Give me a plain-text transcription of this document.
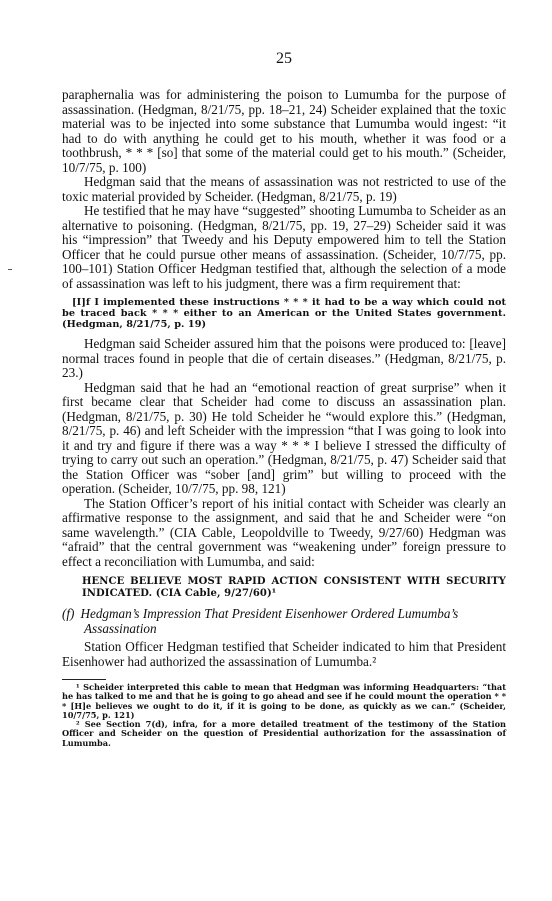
25

paraphernalia was for administering the poison to Lumumba for the purpose of assassination. (Hedgman, 8/21/75, pp. 18–21, 24) Scheider explained that the toxic material was to be injected into some substance that Lumumba would ingest: “it had to do with anything he could get to his mouth, whether it was food or a toothbrush, * * * [so] that some of the material could get to his mouth.” (Scheider, 10/7/75, p. 100)

Hedgman said that the means of assassination was not restricted to use of the toxic material provided by Scheider. (Hedgman, 8/21/75, p. 19)

He testified that he may have “suggested” shooting Lumumba to Scheider as an alternative to poisoning. (Hedgman, 8/21/75, pp. 19, 27–29) Scheider said it was his “impression” that Tweedy and his Deputy empowered him to tell the Station Officer that he could pursue other means of assassination. (Scheider, 10/7/75, pp. 100–101) Station Officer Hedgman testified that, although the selection of a mode of assassination was left to his judgment, there was a firm requirement that:

[I]f I implemented these instructions * * * it had to be a way which could not be traced back * * * either to an American or the United States government. (Hedgman, 8/21/75, p. 19)

Hedgman said Scheider assured him that the poisons were produced to: [leave] normal traces found in people that die of certain diseases.” (Hedgman, 8/21/75, p. 23.)

Hedgman said that he had an “emotional reaction of great surprise” when it first became clear that Scheider had come to discuss an assassination plan. (Hedgman, 8/21/75, p. 30) He told Scheider he “would explore this.” (Hedgman, 8/21/75, p. 46) and left Scheider with the impression “that I was going to look into it and try and figure if there was a way * * * I believe I stressed the difficulty of trying to carry out such an operation.” (Hedgman, 8/21/75, p. 47) Scheider said that the Station Officer was “sober [and] grim” but willing to proceed with the operation. (Scheider, 10/7/75, pp. 98, 121)

The Station Officer’s report of his initial contact with Scheider was clearly an affirmative response to the assignment, and said that he and Scheider were “on same wavelength.” (CIA Cable, Leopoldville to Tweedy, 9/27/60) Hedgman was “afraid” that the central government was “weakening under” foreign pressure to effect a reconciliation with Lumumba, and said:

HENCE BELIEVE MOST RAPID ACTION CONSISTENT WITH SECURITY INDICATED. (CIA Cable, 9/27/60)¹

(f) Hedgman’s Impression That President Eisenhower Ordered Lumumba’s Assassination

Station Officer Hedgman testified that Scheider indicated to him that President Eisenhower had authorized the assassination of Lumumba.²

¹ Scheider interpreted this cable to mean that Hedgman was informing Headquarters: “that he has talked to me and that he is going to go ahead and see if he could mount the operation * * * [H]e believes we ought to do it, if it is going to be done, as quickly as we can.” (Scheider, 10/7/75, p. 121)

² See Section 7(d), infra, for a more detailed treatment of the testimony of the Station Officer and Scheider on the question of Presidential authorization for the assassination of Lumumba.
